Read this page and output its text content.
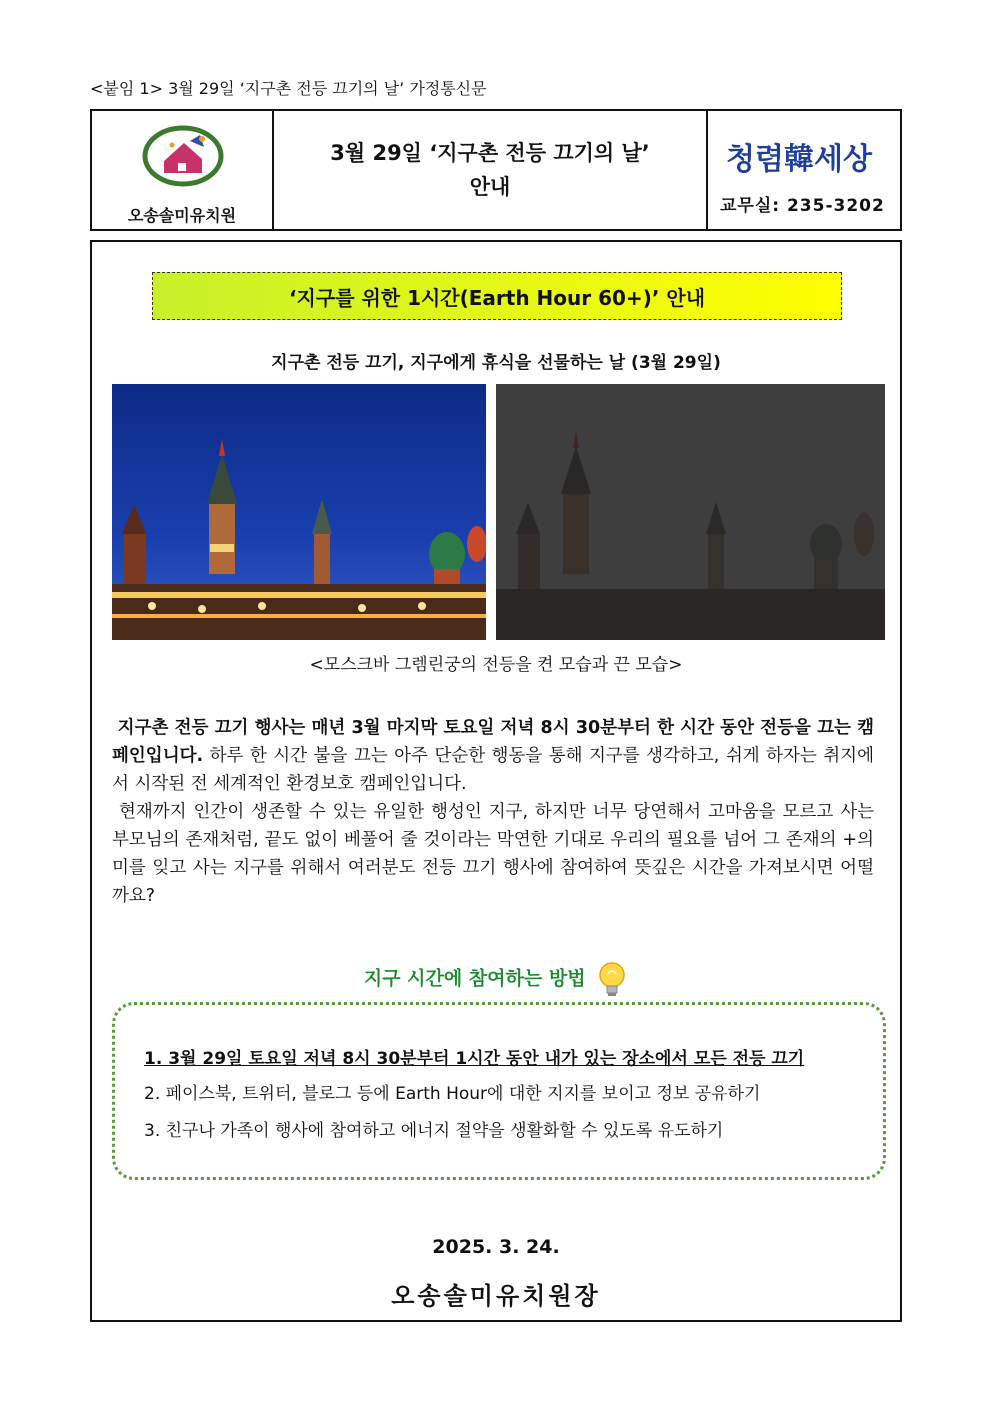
<붙임 1> 3월 29일 ‘지구촌 전등 끄기의 날’ 가정통신문
오송솔미유치원
3월 29일 ‘지구촌 전등 끄기의 날’
안내
청렴韓세상
교무실: 235-3202
‘지구를 위한 1시간(Earth Hour 60+)’ 안내
지구촌 전등 끄기, 지구에게 휴식을 선물하는 날 (3월 29일)
<모스크바 그렘린궁의 전등을 켠 모습과 끈 모습>

지구촌 전등 끄기 행사는 매년 3월 마지막 토요일 저녁 8시 30분부터 한 시간 동안 전등을 끄는 캠페인입니다. 하루 한 시간 불을 끄는 아주 단순한 행동을 통해 지구를 생각하고, 쉬게 하자는 취지에서 시작된 전 세계적인 환경보호 캠페인입니다.

현재까지 인간이 생존할 수 있는 유일한 행성인 지구, 하지만 너무 당연해서 고마움을 모르고 사는 부모님의 존재처럼, 끝도 없이 베풀어 줄 것이라는 막연한 기대로 우리의 필요를 넘어 그 존재의 +의미를 잊고 사는 지구를 위해서 여러분도 전등 끄기 행사에 참여하여 뜻깊은 시간을 가져보시면 어떨까요?

지구 시간에 참여하는 방법
1. 3월 29일 토요일 저녁 8시 30분부터 1시간 동안 내가 있는 장소에서 모든 전등 끄기
2. 페이스북, 트위터, 블로그 등에 Earth Hour에 대한 지지를 보이고 정보 공유하기
3. 친구나 가족이 행사에 참여하고 에너지 절약을 생활화할 수 있도록 유도하기
2025. 3. 24.
오송솔미유치원장
